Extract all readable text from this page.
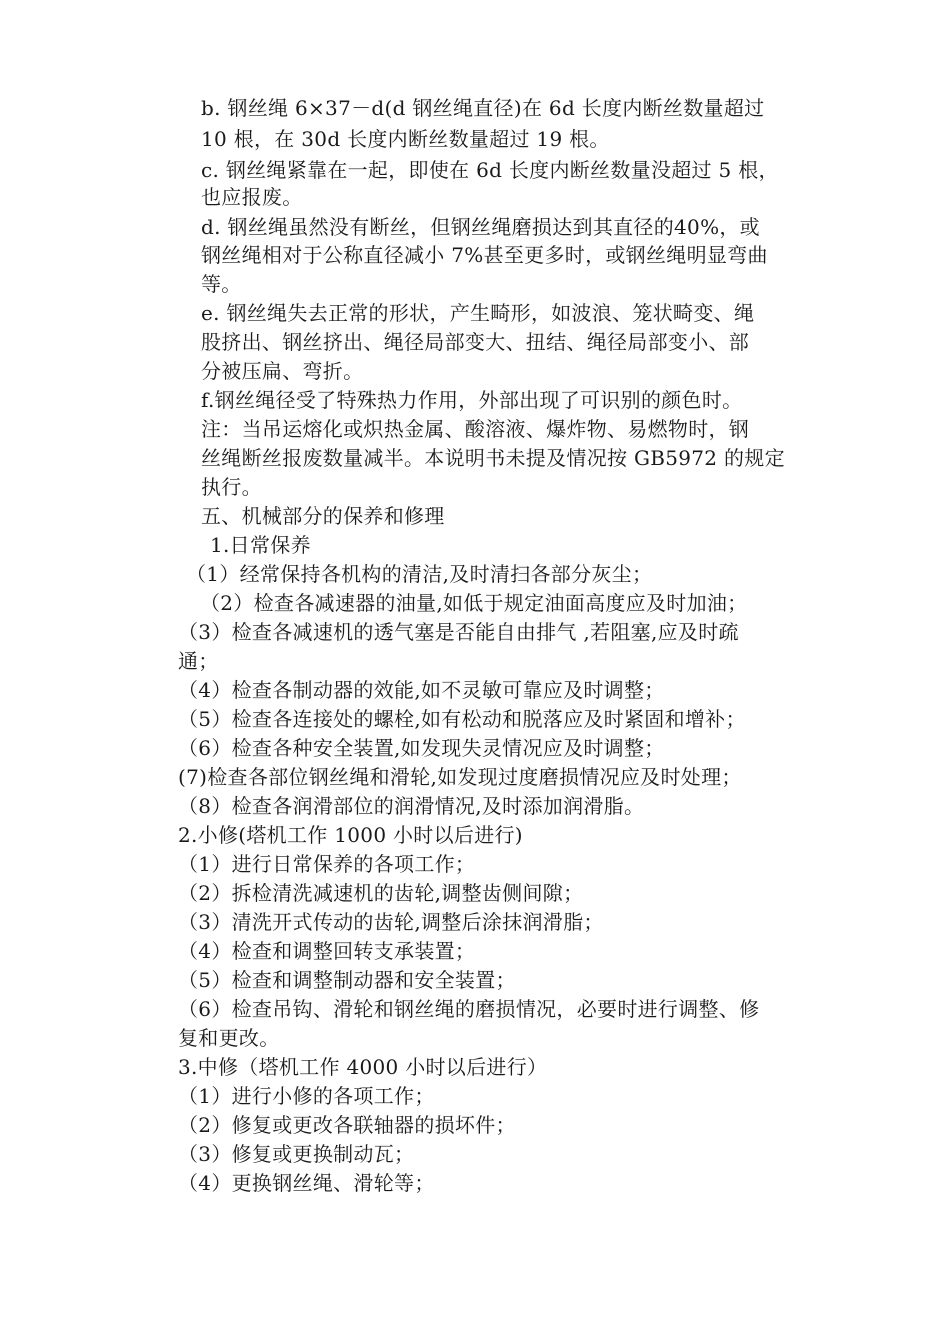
b. 钢丝绳 6×37－d(d 钢丝绳直径)在 6d 长度内断丝数量超过
10 根，在 30d 长度内断丝数量超过 19 根。
c. 钢丝绳紧靠在一起，即使在 6d 长度内断丝数量没超过 5 根，
也应报废。
d. 钢丝绳虽然没有断丝，但钢丝绳磨损达到其直径的40%，或
钢丝绳相对于公称直径减小 7%甚至更多时，或钢丝绳明显弯曲
等。
e. 钢丝绳失去正常的形状，产生畸形，如波浪、笼状畸变、绳
股挤出、钢丝挤出、绳径局部变大、扭结、绳径局部变小、部
分被压扁、弯折。
f.钢丝绳径受了特殊热力作用，外部出现了可识别的颜色时。
注：当吊运熔化或炽热金属、酸溶液、爆炸物、易燃物时，钢
丝绳断丝报废数量减半。本说明书未提及情况按 GB5972 的规定
执行。
五、机械部分的保养和修理
1.日常保养
（1）经常保持各机构的清洁,及时清扫各部分灰尘；
（2）检查各减速器的油量,如低于规定油面高度应及时加油；
（3）检查各减速机的透气塞是否能自由排气 ,若阻塞,应及时疏
通；
（4）检查各制动器的效能,如不灵敏可靠应及时调整；
（5）检查各连接处的螺栓,如有松动和脱落应及时紧固和增补；
（6）检查各种安全装置,如发现失灵情况应及时调整；
(7)检查各部位钢丝绳和滑轮,如发现过度磨损情况应及时处理；
（8）检查各润滑部位的润滑情况,及时添加润滑脂。
2.小修(塔机工作 1000 小时以后进行)
（1）进行日常保养的各项工作；
（2）拆检清洗减速机的齿轮,调整齿侧间隙；
（3）清洗开式传动的齿轮,调整后涂抹润滑脂；
（4）检查和调整回转支承装置；
（5）检查和调整制动器和安全装置；
（6）检查吊钩、滑轮和钢丝绳的磨损情况，必要时进行调整、修
复和更改。
3.中修（塔机工作 4000 小时以后进行）
（1）进行小修的各项工作；
（2）修复或更改各联轴器的损坏件；
（3）修复或更换制动瓦；
（4）更换钢丝绳、滑轮等；
